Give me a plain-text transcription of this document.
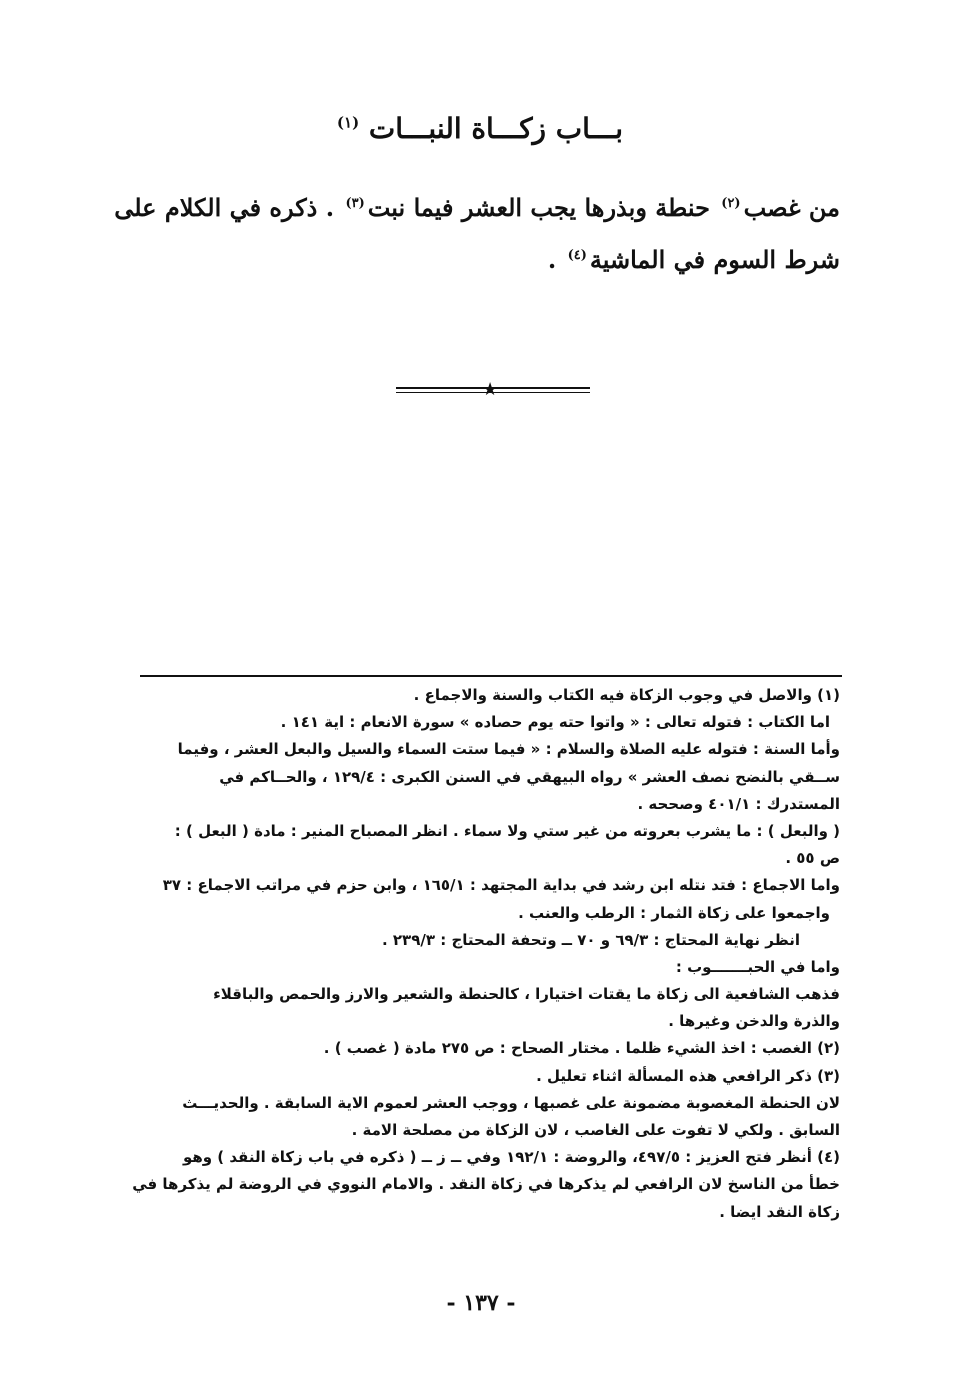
بـــاب زكـــاة النبـــات $^{(١)}$
من غصب$^{(٢)}$ حنطة وبذرها يجب العشر فيما نبت$^{(٣)}$ . ذكره في الكلام على
شرط السوم في الماشية$^{(٤)}$ .
★
(١) والاصل في وجوب الزكاة فيه الكتاب والسنة والاجماع .
اما الكتاب : فتوله تعالى : « واتوا حته يوم حصاده » سورة الانعام : اية ١٤١ .
وأما السنة : فتوله عليه الصلاة والسلام : « فيما ستت السماء والسيل والبعل العشر ، وفيما
ســقي بالنضح نصف العشر » رواه البيهقي في السنن الكبرى : ١٢٩/٤ ، والحــاكم في
المستدرك : ٤٠١/١ وصححه .
( والبعل ) : ما يشرب بعروته من غير ستي ولا سماء . انظر المصباح المنير : مادة ( البعل ) :
ص ٥٥ .
واما الاجماع : فتد نتله ابن رشد في بداية المجتهد : ١٦٥/١ ، وابن حزم في مراتب الاجماع : ٣٧
واجمعوا على زكاة الثمار : الرطب والعنب .
انظر نهاية المحتاج : ٦٩/٣ و ٧٠ ــ وتحفة المحتاج : ٢٣٩/٣ .
واما في الحبـــــــوب :
فذهب الشافعية الى زكاة ما يقتات اختيارا ، كالحنطة والشعير والارز والحمص والباقلاء
والذرة والدخن وغيرها .
(٢) الغصب : اخذ الشيء ظلما . مختار الصحاح : ص ٢٧٥ مادة ( غصب ) .
(٣) ذكر الرافعي هذه المسألة اثناء تعليل .
لان الحنطة المغصوبة مضمونة على غصبها ، ووجب العشر لعموم الاية السابقة . والحديـــث
السابق . ولكي لا تفوت على الغاصب ، لان الزكاة من مصلحة الامة .
(٤) أنظر فتح العزيز : ٤٩٧/٥، والروضة : ١٩٢/١ وفي ــ ز ــ ( ذكره في باب زكاة النقد ) وهو
خطأ من الناسخ لان الرافعي لم يذكرها في زكاة النقد . والامام النووي في الروضة لم يذكرها في
زكاة النقد ايضا .
- ١٣٧ -
